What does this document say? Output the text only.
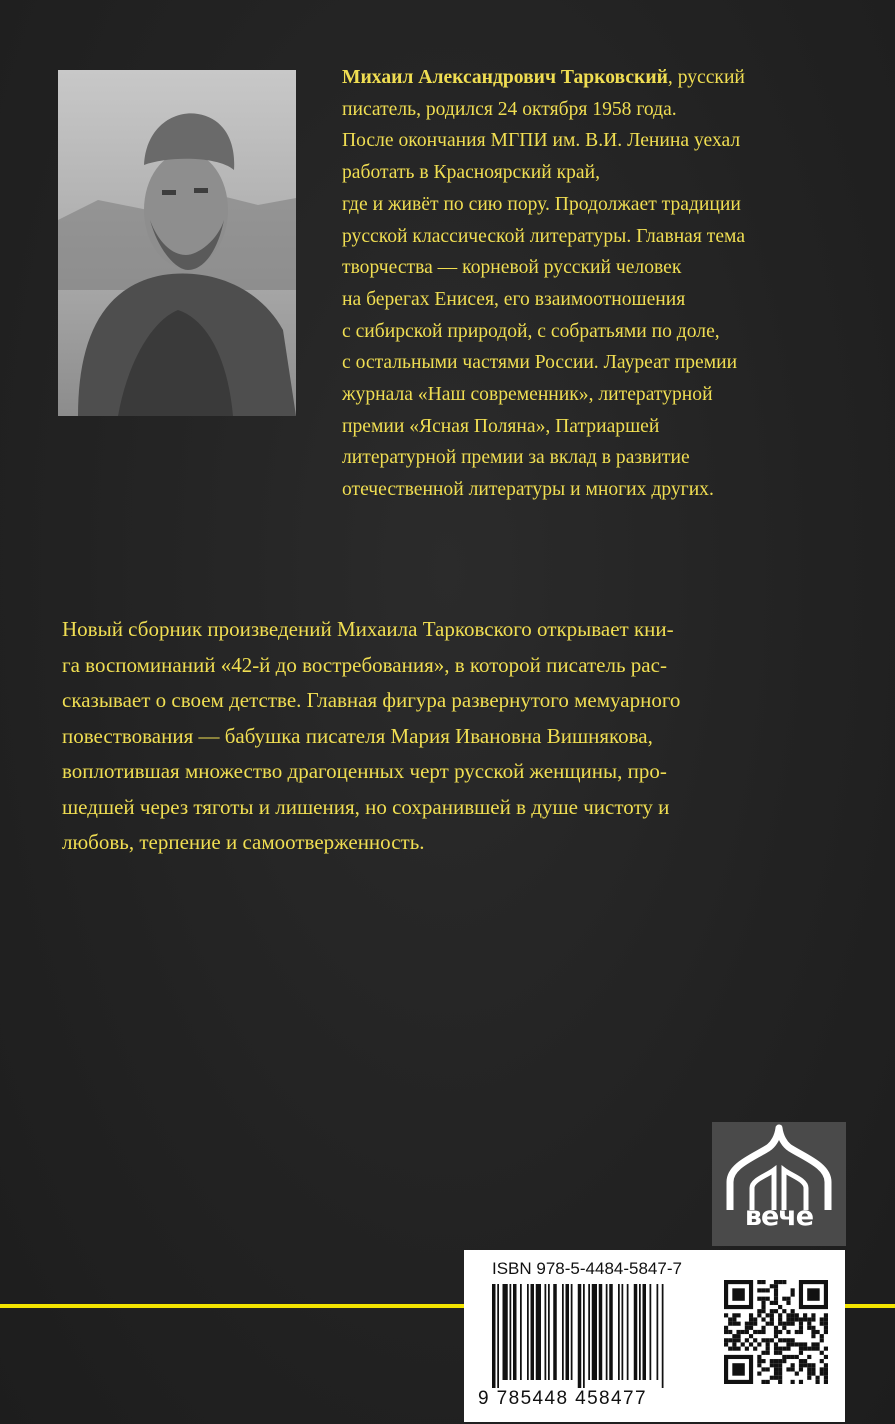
Михаил Александрович Тарковский, русский

писатель, родился 24 октября 1958 года.

После окончания МГПИ им. В.И. Ленина уехал

работать в Красноярский край,

где и живёт по сию пору. Продолжает традиции

русской классической литературы. Главная тема

творчества — корневой русский человек

на берегах Енисея, его взаимоотношения

с сибирской природой, с собратьями по доле,

с остальными частями России. Лауреат премии

журнала «Наш современник», литературной

премии «Ясная Поляна», Патриаршей

литературной премии за вклад в развитие

отечественной литературы и многих других.

Новый сборник произведений Михаила Тарковского открывает кни-

га воспоминаний «42-й до востребования», в которой писатель рас-

сказывает о своем детстве. Главная фигура развернутого мемуарного

повествования — бабушка писателя Мария Ивановна Вишнякова,

воплотившая множество драгоценных черт русской женщины, про-

шедшей через тяготы и лишения, но сохранившей в душе чистоту и

любовь, терпение и самоотверженность.

вече
ISBN 978-5-4484-5847-7
9 785448 458477
